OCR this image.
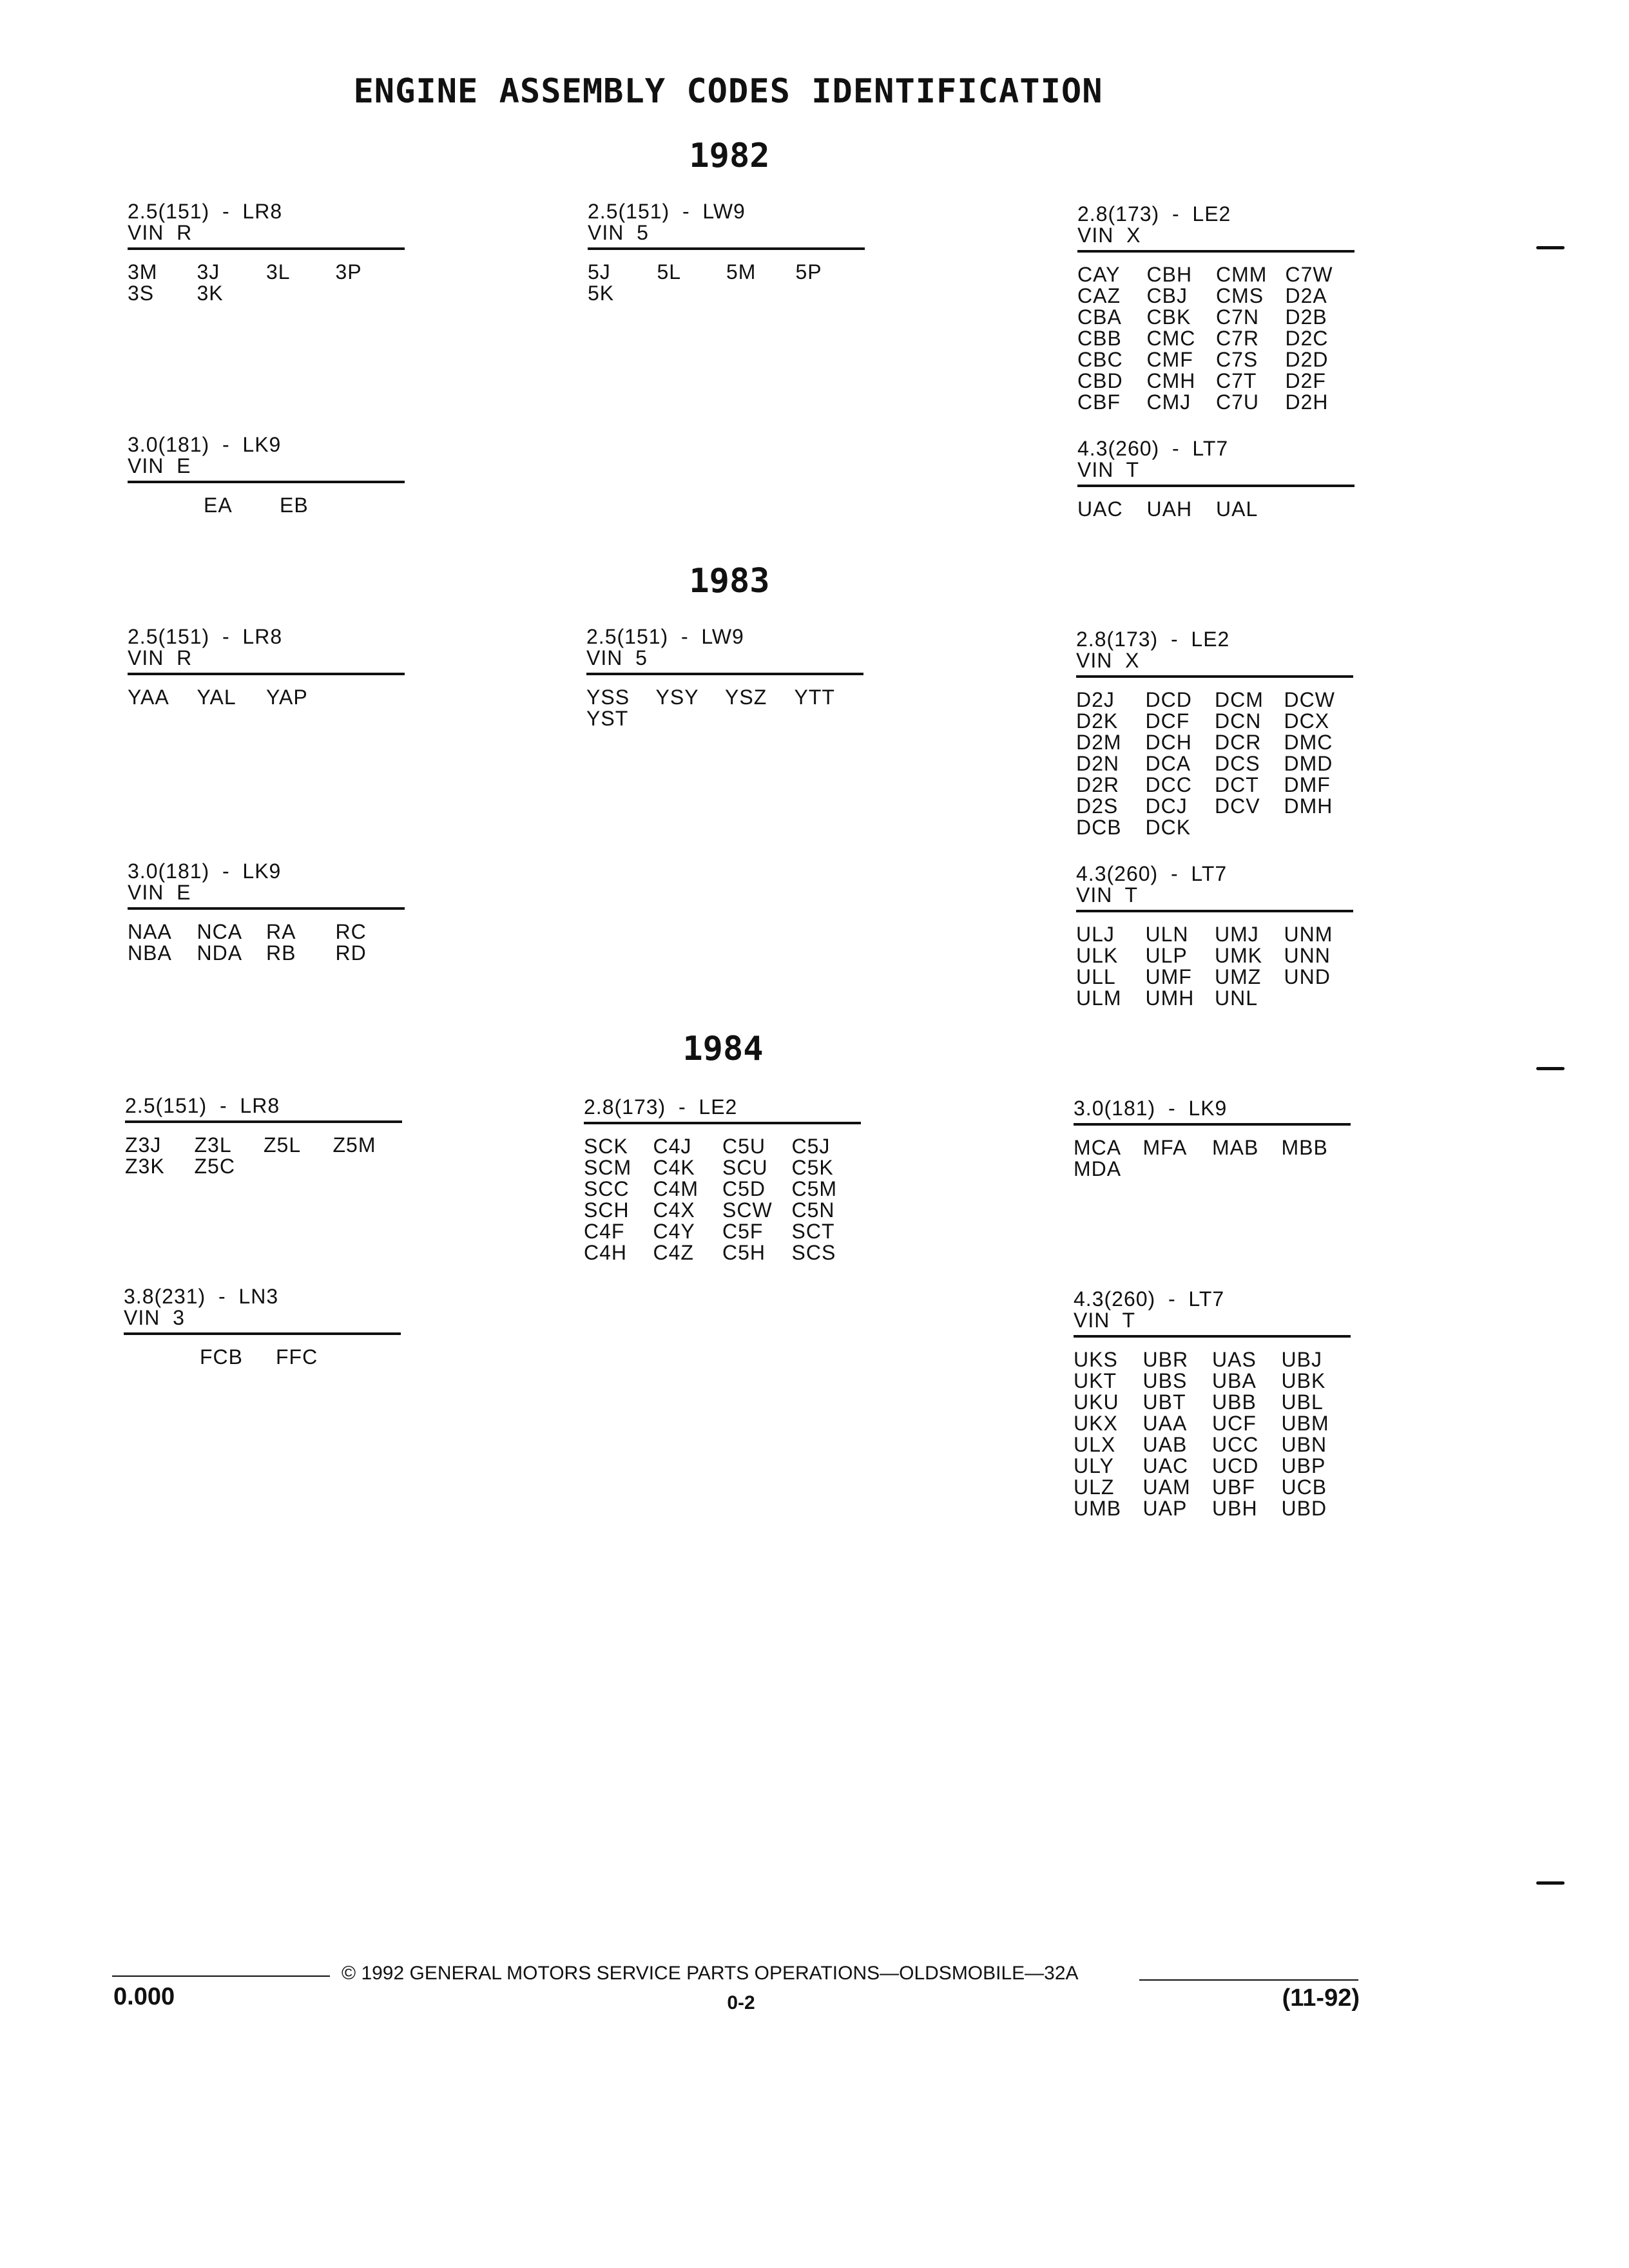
ENGINE ASSEMBLY CODES IDENTIFICATION
1982
1983
1984
2.5(151)  -  LR8
VIN  R
3M	3J	3L	3P
3S	3K
2.5(151)  -  LW9
VIN  5
5J	5L	5M	5P
5K
2.8(173)  -  LE2
VIN  X
CAY	CBH	CMM C7W
CAZ	CBJ	CMS	D2A
CBA	CBK	C7N	D2B
CBB	CMC C7R	D2C
CBC	CMF	C7S	D2D
CBD	CMH C7T	D2F
CBF	CMJ	C7U	D2H
3.0(181)  -  LK9
VIN  E
EA	EB
4.3(260)  -  LT7
VIN  T
UAC	UAH	UAL
2.5(151)  -  LR8
VIN  R
YAA	YAL	YAP
2.5(151)  -  LW9
VIN  5
YSS	YSY	YSZ	YTT
YST
2.8(173)  -  LE2
VIN  X
D2J	DCD	DCM DCW
D2K	DCF	DCN	DCX
D2M	DCH	DCR	DMC
D2N	DCA	DCS	DMD
D2R	DCC	DCT	DMF
D2S	DCJ	DCV	DMH
DCB	DCK
3.0(181)  -  LK9
VIN  E
NAA	NCA	RA	RC
NBA	NDA	RB	RD
4.3(260)  -  LT7
VIN  T
ULJ	ULN	UMJ	UNM
ULK	ULP	UMK	UNN
ULL	UMF	UMZ	UND
ULM	UMH UNL
2.5(151)  -  LR8
Z3J	Z3L	Z5L	Z5M
Z3K	Z5C
2.8(173)  -  LE2
SCK	C4J	C5U	C5J
SCM	C4K	SCU	C5K
SCC	C4M	C5D	C5M
SCH	C4X	SCW C5N
C4F	C4Y	C5F	SCT
C4H	C4Z	C5H	SCS
3.0(181)  -  LK9
MCA	MFA	MAB	MBB
MDA
3.8(231)  -  LN3
VIN  3
FCB	FFC
4.3(260)  -  LT7
VIN  T
UKS	UBR	UAS	UBJ
UKT	UBS	UBA	UBK
UKU	UBT	UBB	UBL
UKX	UAA	UCF	UBM
ULX	UAB	UCC	UBN
ULY	UAC	UCD	UBP
ULZ	UAM	UBF	UCB
UMB	UAP	UBH	UBD
© 1992 GENERAL MOTORS SERVICE PARTS OPERATIONS—OLDSMOBILE—32A
0.000	0-2	(11-92)
